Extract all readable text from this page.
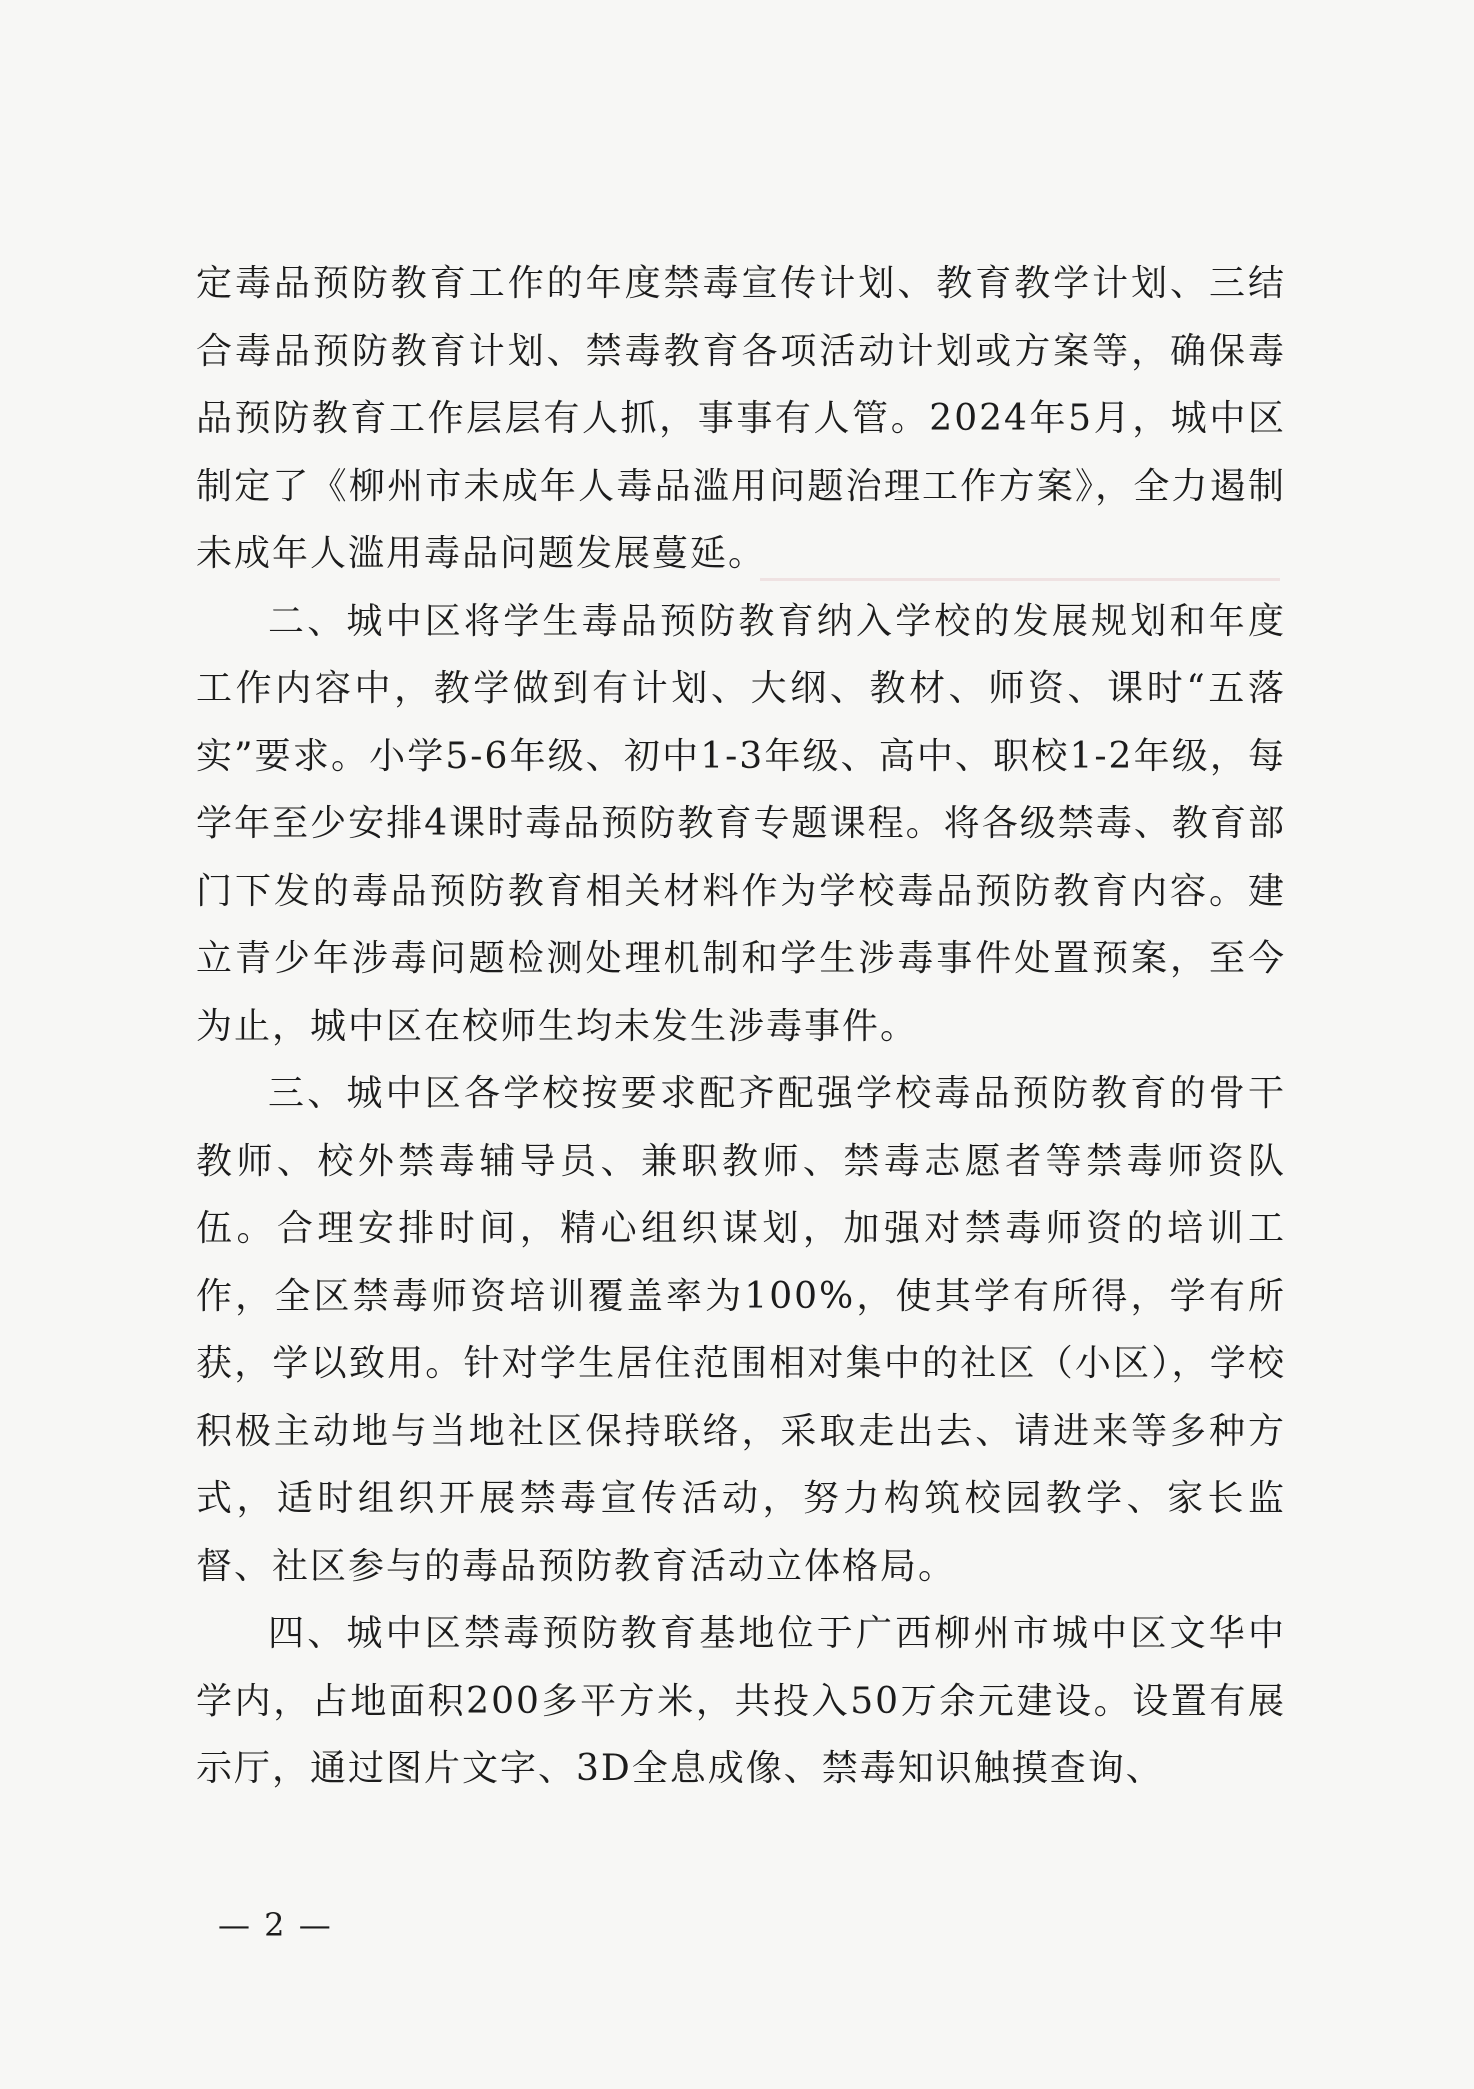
定毒品预防教育工作的年度禁毒宣传计划、教育教学计划、三结合毒品预防教育计划、禁毒教育各项活动计划或方案等，确保毒品预防教育工作层层有人抓，事事有人管。2024年5月，城中区制定了《柳州市未成年人毒品滥用问题治理工作方案》，全力遏制未成年人滥用毒品问题发展蔓延。

二、城中区将学生毒品预防教育纳入学校的发展规划和年度工作内容中，教学做到有计划、大纲、教材、师资、课时“五落实”要求。小学5-6年级、初中1-3年级、高中、职校1-2年级，每学年至少安排4课时毒品预防教育专题课程。将各级禁毒、教育部门下发的毒品预防教育相关材料作为学校毒品预防教育内容。建立青少年涉毒问题检测处理机制和学生涉毒事件处置预案，至今为止，城中区在校师生均未发生涉毒事件。

三、城中区各学校按要求配齐配强学校毒品预防教育的骨干教师、校外禁毒辅导员、兼职教师、禁毒志愿者等禁毒师资队伍。合理安排时间，精心组织谋划，加强对禁毒师资的培训工作，全区禁毒师资培训覆盖率为100%，使其学有所得，学有所获，学以致用。针对学生居住范围相对集中的社区（小区），学校积极主动地与当地社区保持联络，采取走出去、请进来等多种方式，适时组织开展禁毒宣传活动，努力构筑校园教学、家长监督、社区参与的毒品预防教育活动立体格局。

四、城中区禁毒预防教育基地位于广西柳州市城中区文华中学内，占地面积200多平方米，共投入50万余元建设。设置有展示厅，通过图片文字、3D全息成像、禁毒知识触摸查询、

— 2 —
